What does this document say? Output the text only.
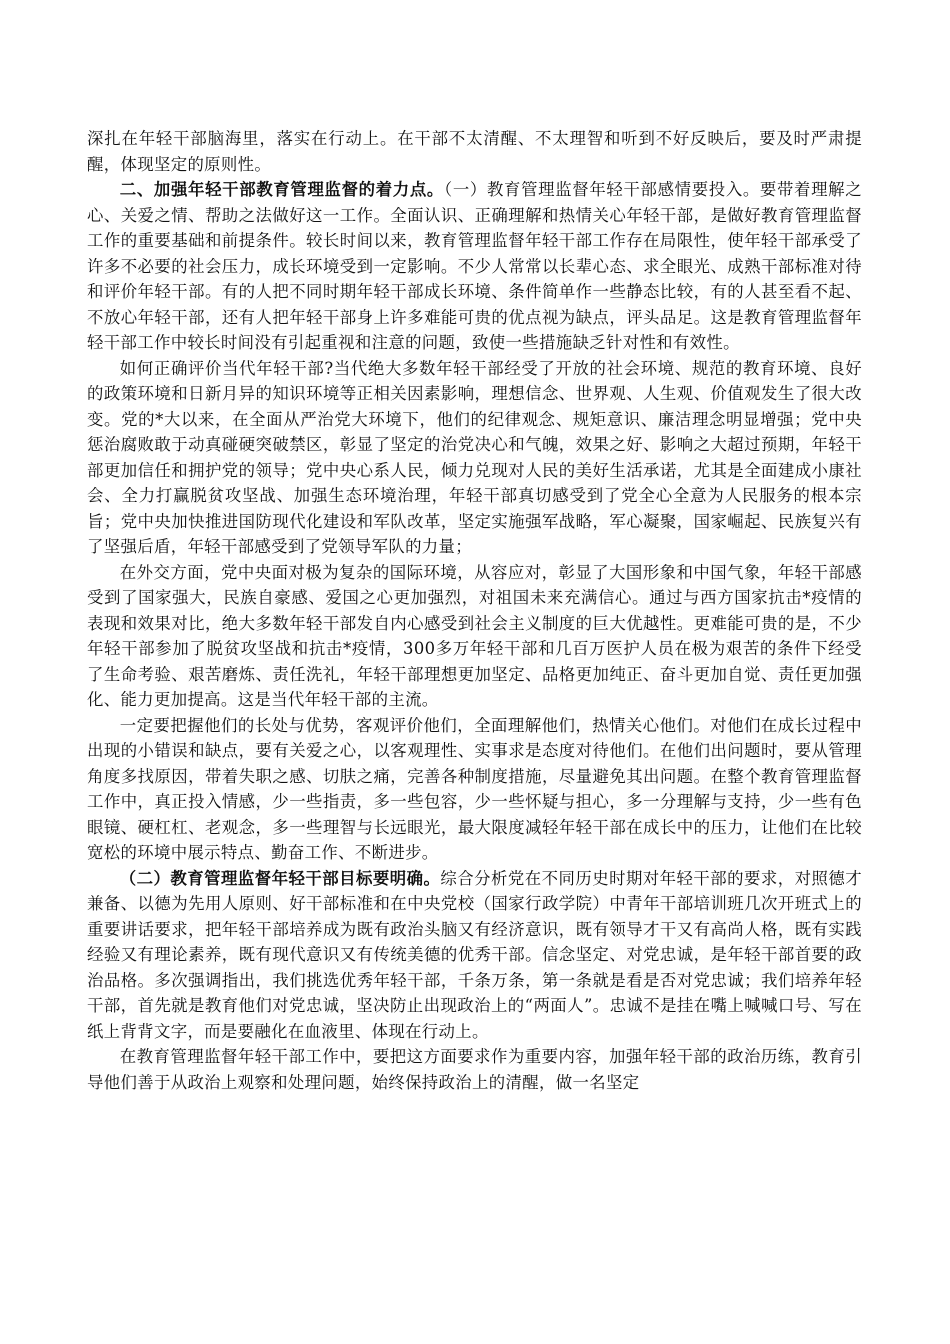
深扎在年轻干部脑海里，落实在行动上。在干部不太清醒、不太理智和听到不好反映后，要及时严肃提醒，体现坚定的原则性。

二、加强年轻干部教育管理监督的着力点。（一）教育管理监督年轻干部感情要投入。要带着理解之心、关爱之情、帮助之法做好这一工作。全面认识、正确理解和热情关心年轻干部，是做好教育管理监督工作的重要基础和前提条件。较长时间以来，教育管理监督年轻干部工作存在局限性，使年轻干部承受了许多不必要的社会压力，成长环境受到一定影响。不少人常常以长辈心态、求全眼光、成熟干部标准对待和评价年轻干部。有的人把不同时期年轻干部成长环境、条件简单作一些静态比较，有的人甚至看不起、不放心年轻干部，还有人把年轻干部身上许多难能可贵的优点视为缺点，评头品足。这是教育管理监督年轻干部工作中较长时间没有引起重视和注意的问题，致使一些措施缺乏针对性和有效性。

如何正确评价当代年轻干部?当代绝大多数年轻干部经受了开放的社会环境、规范的教育环境、良好的政策环境和日新月异的知识环境等正相关因素影响，理想信念、世界观、人生观、价值观发生了很大改变。党的*大以来，在全面从严治党大环境下，他们的纪律观念、规矩意识、廉洁理念明显增强；党中央惩治腐败敢于动真碰硬突破禁区，彰显了坚定的治党决心和气魄，效果之好、影响之大超过预期，年轻干部更加信任和拥护党的领导；党中央心系人民，倾力兑现对人民的美好生活承诺，尤其是全面建成小康社会、全力打赢脱贫攻坚战、加强生态环境治理，年轻干部真切感受到了党全心全意为人民服务的根本宗旨；党中央加快推进国防现代化建设和军队改革，坚定实施强军战略，军心凝聚，国家崛起、民族复兴有了坚强后盾，年轻干部感受到了党领导军队的力量；

在外交方面，党中央面对极为复杂的国际环境，从容应对，彰显了大国形象和中国气象，年轻干部感受到了国家强大，民族自豪感、爱国之心更加强烈，对祖国未来充满信心。通过与西方国家抗击*疫情的表现和效果对比，绝大多数年轻干部发自内心感受到社会主义制度的巨大优越性。更难能可贵的是，不少年轻干部参加了脱贫攻坚战和抗击*疫情，300多万年轻干部和几百万医护人员在极为艰苦的条件下经受了生命考验、艰苦磨炼、责任洗礼，年轻干部理想更加坚定、品格更加纯正、奋斗更加自觉、责任更加强化、能力更加提高。这是当代年轻干部的主流。

一定要把握他们的长处与优势，客观评价他们，全面理解他们，热情关心他们。对他们在成长过程中出现的小错误和缺点，要有关爱之心，以客观理性、实事求是态度对待他们。在他们出问题时，要从管理角度多找原因，带着失职之感、切肤之痛，完善各种制度措施，尽量避免其出问题。在整个教育管理监督工作中，真正投入情感，少一些指责，多一些包容，少一些怀疑与担心，多一分理解与支持，少一些有色眼镜、硬杠杠、老观念，多一些理智与长远眼光，最大限度减轻年轻干部在成长中的压力，让他们在比较宽松的环境中展示特点、勤奋工作、不断进步。

（二）教育管理监督年轻干部目标要明确。综合分析党在不同历史时期对年轻干部的要求，对照德才兼备、以德为先用人原则、好干部标准和在中央党校（国家行政学院）中青年干部培训班几次开班式上的重要讲话要求，把年轻干部培养成为既有政治头脑又有经济意识，既有领导才干又有高尚人格，既有实践经验又有理论素养，既有现代意识又有传统美德的优秀干部。信念坚定、对党忠诚，是年轻干部首要的政治品格。多次强调指出，我们挑选优秀年轻干部，千条万条，第一条就是看是否对党忠诚；我们培养年轻干部，首先就是教育他们对党忠诚，坚决防止出现政治上的“两面人”。忠诚不是挂在嘴上喊喊口号、写在纸上背背文字，而是要融化在血液里、体现在行动上。

在教育管理监督年轻干部工作中，要把这方面要求作为重要内容，加强年轻干部的政治历练，教育引导他们善于从政治上观察和处理问题，始终保持政治上的清醒，做一名坚定
